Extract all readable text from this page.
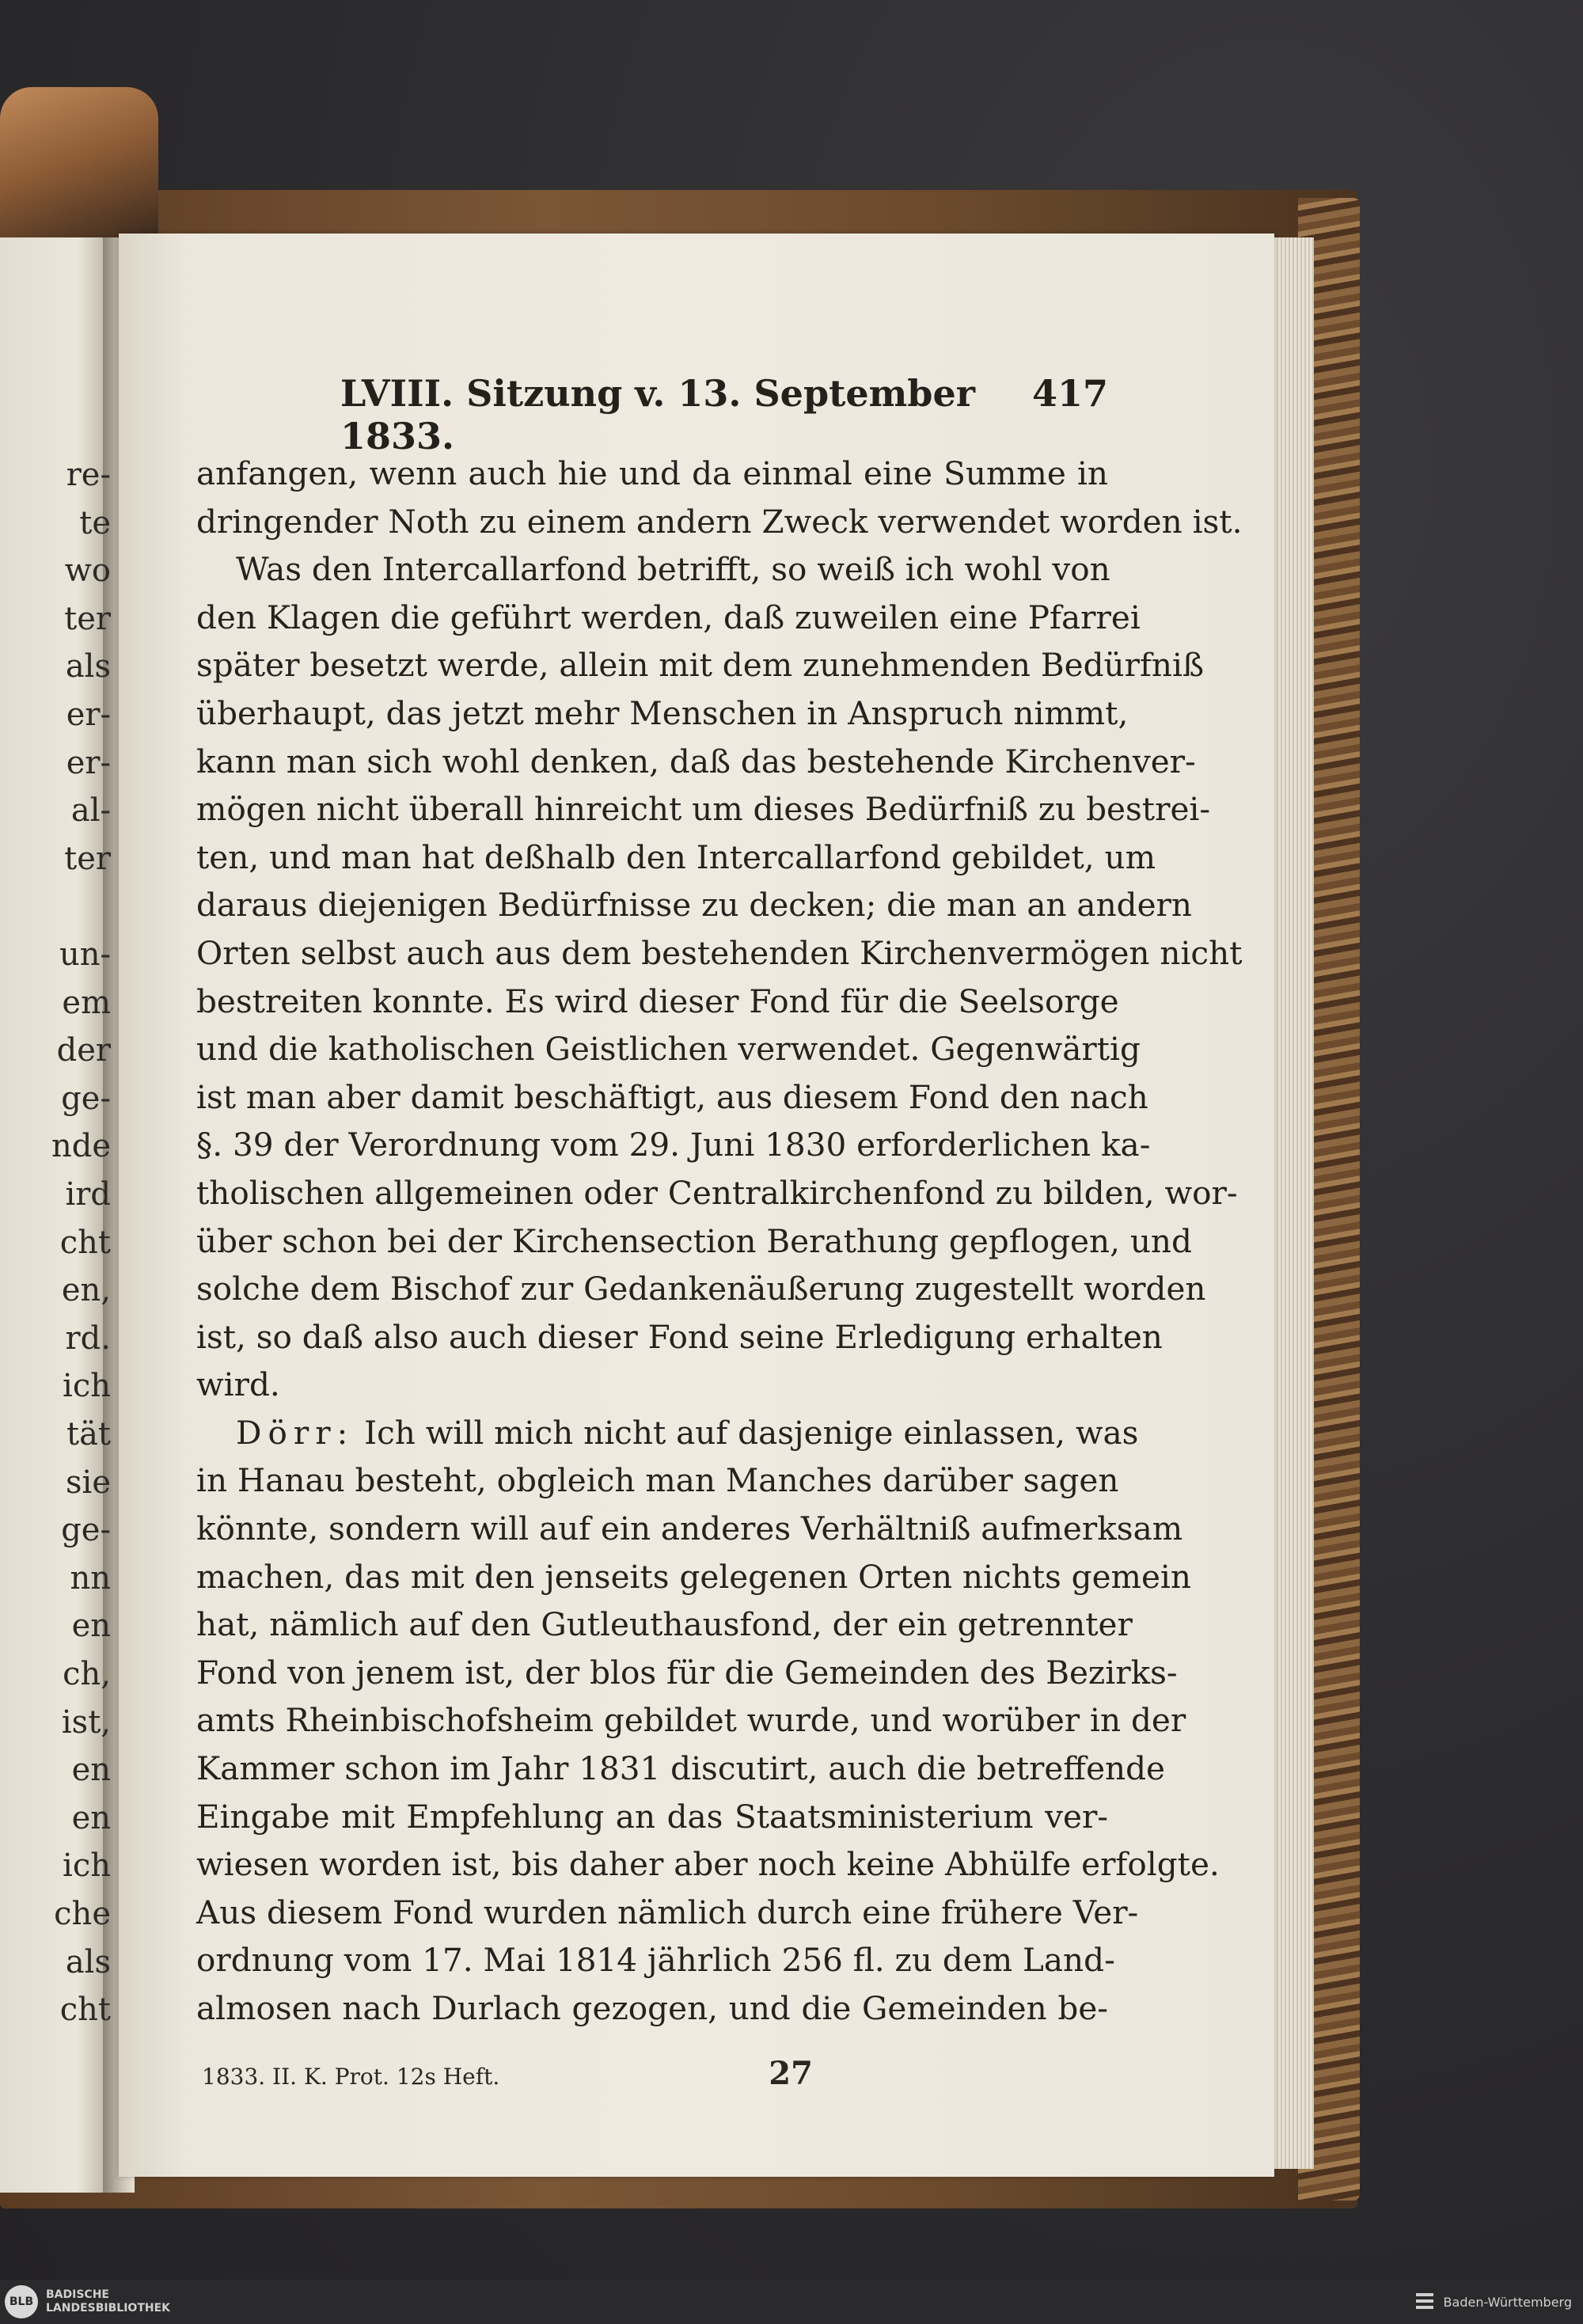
re-
te
wo
ter
als
er-
er-
al-
ter
un-
em
der
ge-
nde
ird
cht
en,
rd.
ich
tät
sie
ge-
nn
en
ch,
ist,
en
en
ich
che
als
cht
LVIII. Sitzung v. 13. September 1833.
417
anfangen, wenn auch hie und da einmal eine Summe in
dringender Noth zu einem andern Zweck verwendet worden ist.
Was den Intercallarfond betrifft, so weiß ich wohl von
den Klagen die geführt werden, daß zuweilen eine Pfarrei
später besetzt werde, allein mit dem zunehmenden Bedürfniß
überhaupt, das jetzt mehr Menschen in Anspruch nimmt,
kann man sich wohl denken, daß das bestehende Kirchenver-
mögen nicht überall hinreicht um dieses Bedürfniß zu bestrei-
ten, und man hat deßhalb den Intercallarfond gebildet, um
daraus diejenigen Bedürfnisse zu decken; die man an andern
Orten selbst auch aus dem bestehenden Kirchenvermögen nicht
bestreiten konnte. Es wird dieser Fond für die Seelsorge
und die katholischen Geistlichen verwendet. Gegenwärtig
ist man aber damit beschäftigt, aus diesem Fond den nach
§. 39 der Verordnung vom 29. Juni 1830 erforderlichen ka-
tholischen allgemeinen oder Centralkirchenfond zu bilden, wor-
über schon bei der Kirchensection Berathung gepflogen, und
solche dem Bischof zur Gedankenäußerung zugestellt worden
ist, so daß also auch dieser Fond seine Erledigung erhalten
wird.
Dörr: Ich will mich nicht auf dasjenige einlassen, was
in Hanau besteht, obgleich man Manches darüber sagen
könnte, sondern will auf ein anderes Verhältniß aufmerksam
machen, das mit den jenseits gelegenen Orten nichts gemein
hat, nämlich auf den Gutleuthausfond, der ein getrennter
Fond von jenem ist, der blos für die Gemeinden des Bezirks-
amts Rheinbischofsheim gebildet wurde, und worüber in der
Kammer schon im Jahr 1831 discutirt, auch die betreffende
Eingabe mit Empfehlung an das Staatsministerium ver-
wiesen worden ist, bis daher aber noch keine Abhülfe erfolgte.
Aus diesem Fond wurden nämlich durch eine frühere Ver-
ordnung vom 17. Mai 1814 jährlich 256 fl. zu dem Land-
almosen nach Durlach gezogen, und die Gemeinden be-
1833. II. K. Prot. 12s Heft.	27
BLB
BADISCHE
LANDESBIBLIOTHEK	Baden-Württemberg
